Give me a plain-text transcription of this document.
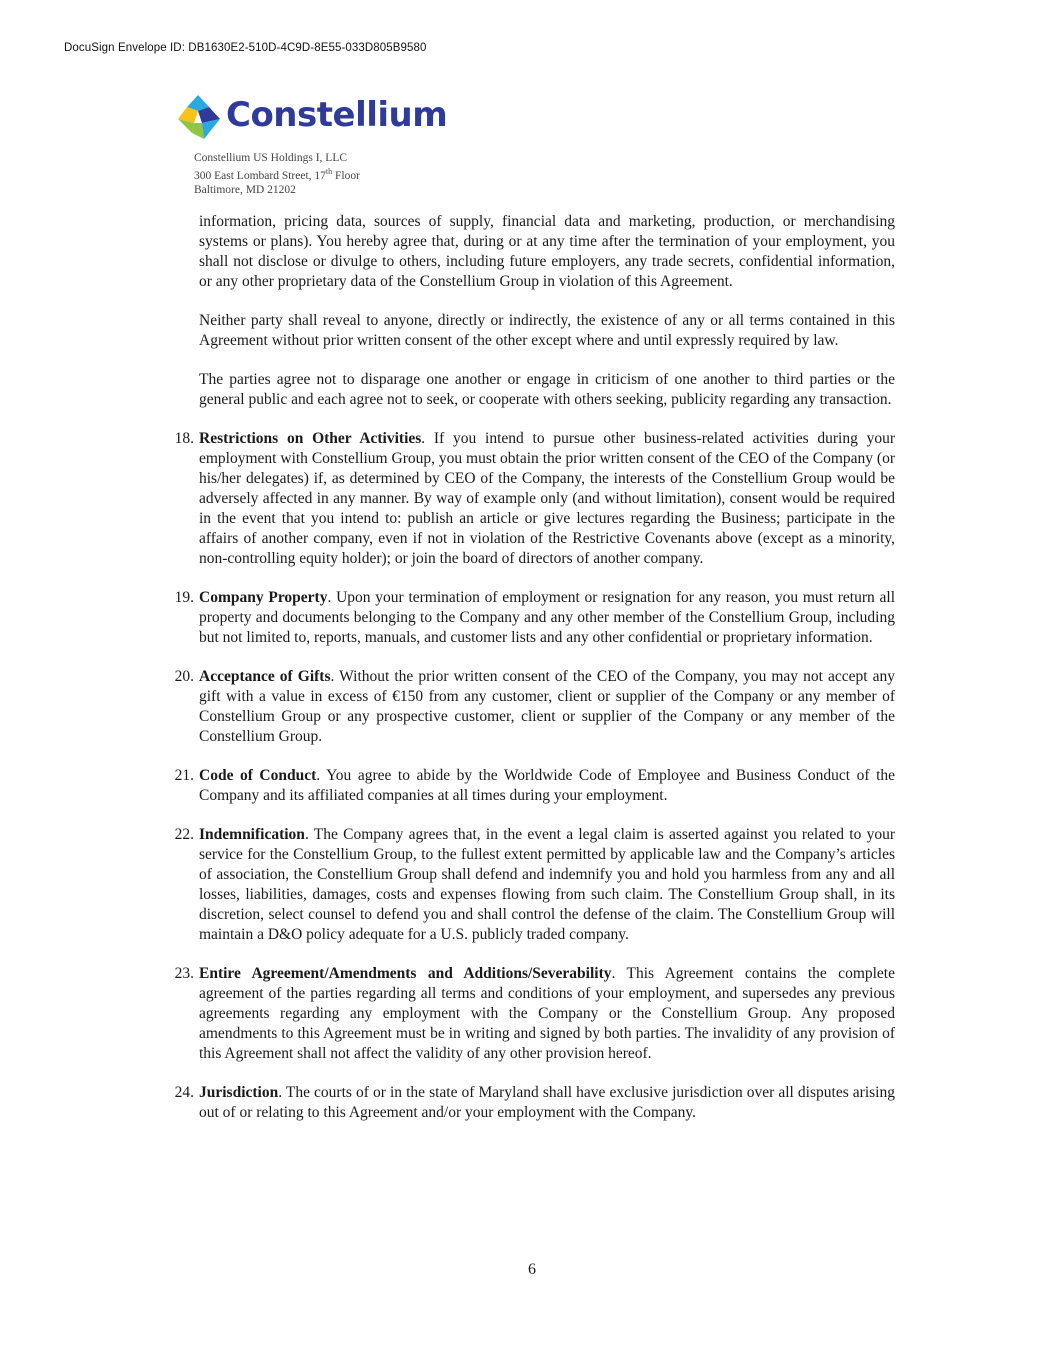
DocuSign Envelope ID: DB1630E2-510D-4C9D-8E55-033D805B9580
Constellium
Constellium US Holdings I, LLC
300 East Lombard Street, 17th Floor
Baltimore, MD 21202

information, pricing data, sources of supply, financial data and marketing, production, or merchandising systems or plans). You hereby agree that, during or at any time after the termination of your employment, you shall not disclose or divulge to others, including future employers, any trade secrets, confidential information, or any other proprietary data of the Constellium Group in violation of this Agreement.

Neither party shall reveal to anyone, directly or indirectly, the existence of any or all terms contained in this Agreement without prior written consent of the other except where and until expressly required by law.

The parties agree not to disparage one another or engage in criticism of one another to third parties or the general public and each agree not to seek, or cooperate with others seeking, publicity regarding any transaction.

18. Restrictions on Other Activities. If you intend to pursue other business-related activities during your employment with Constellium Group, you must obtain the prior written consent of the CEO of the Company (or his/her delegates) if, as determined by CEO of the Company, the interests of the Constellium Group would be adversely affected in any manner. By way of example only (and without limitation), consent would be required in the event that you intend to: publish an article or give lectures regarding the Business; participate in the affairs of another company, even if not in violation of the Restrictive Covenants above (except as a minority, non-controlling equity holder); or join the board of directors of another company.
19. Company Property. Upon your termination of employment or resignation for any reason, you must return all property and documents belonging to the Company and any other member of the Constellium Group, including but not limited to, reports, manuals, and customer lists and any other confidential or proprietary information.
20. Acceptance of Gifts. Without the prior written consent of the CEO of the Company, you may not accept any gift with a value in excess of €150 from any customer, client or supplier of the Company or any member of Constellium Group or any prospective customer, client or supplier of the Company or any member of the Constellium Group.
21. Code of Conduct. You agree to abide by the Worldwide Code of Employee and Business Conduct of the Company and its affiliated companies at all times during your employment.
22. Indemnification. The Company agrees that, in the event a legal claim is asserted against you related to your service for the Constellium Group, to the fullest extent permitted by applicable law and the Company’s articles of association, the Constellium Group shall defend and indemnify you and hold you harmless from any and all losses, liabilities, damages, costs and expenses flowing from such claim. The Constellium Group shall, in its discretion, select counsel to defend you and shall control the defense of the claim. The Constellium Group will maintain a D&O policy adequate for a U.S. publicly traded company.
23. Entire Agreement/Amendments and Additions/Severability. This Agreement contains the complete agreement of the parties regarding all terms and conditions of your employment, and supersedes any previous agreements regarding any employment with the Company or the Constellium Group. Any proposed amendments to this Agreement must be in writing and signed by both parties. The invalidity of any provision of this Agreement shall not affect the validity of any other provision hereof.
24. Jurisdiction. The courts of or in the state of Maryland shall have exclusive jurisdiction over all disputes arising out of or relating to this Agreement and/or your employment with the Company.
6
